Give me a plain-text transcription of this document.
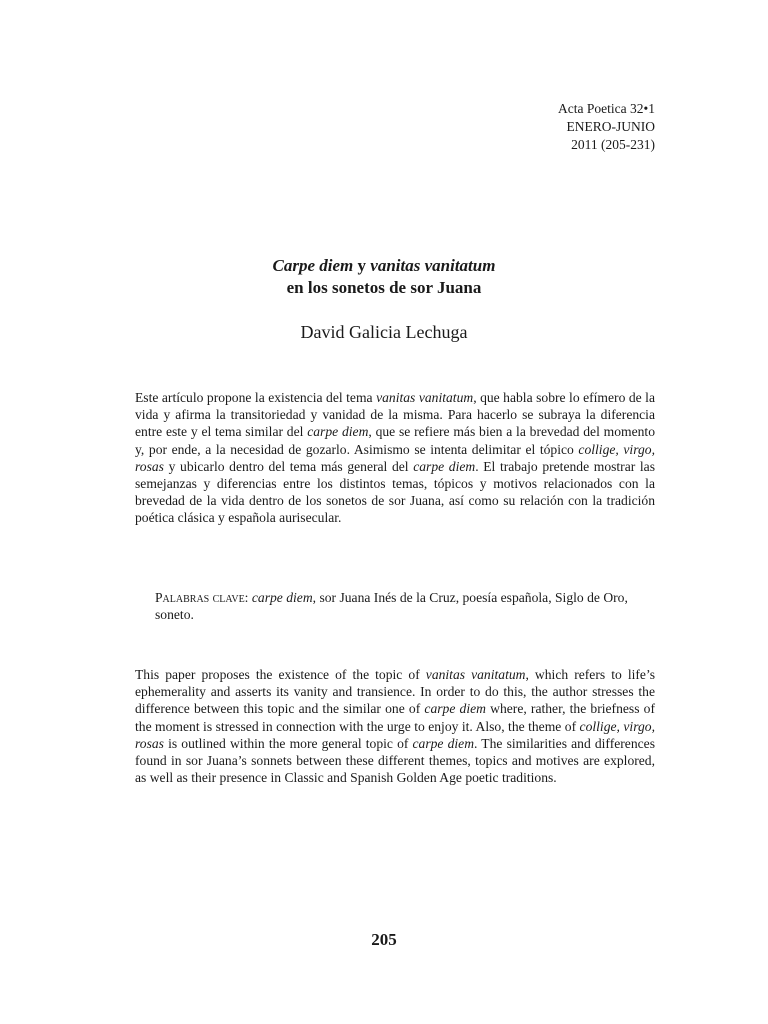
Acta Poetica 32•1
ENERO-JUNIO
2011 (205-231)
Carpe diem y vanitas vanitatum
en los sonetos de sor Juana
David Galicia Lechuga

Este artículo propone la existencia del tema vanitas vanitatum, que habla sobre lo efímero de la vida y afirma la transitoriedad y vanidad de la misma. Para hacerlo se subraya la diferencia entre este y el tema similar del carpe diem, que se refiere más bien a la brevedad del momento y, por ende, a la necesidad de gozarlo. Asimismo se intenta delimitar el tópico collige, virgo, rosas y ubicarlo dentro del tema más general del carpe diem. El trabajo pretende mostrar las semejanzas y diferencias entre los distintos temas, tópicos y motivos relacionados con la brevedad de la vida dentro de los sonetos de sor Juana, así como su relación con la tradición poética clásica y española aurisecular.

Palabras clave: carpe diem, sor Juana Inés de la Cruz, poesía española, Siglo de Oro, soneto.

This paper proposes the existence of the topic of vanitas vanitatum, which refers to life’s ephemerality and asserts its vanity and transience. In order to do this, the author stresses the difference between this topic and the similar one of carpe diem where, rather, the briefness of the moment is stressed in connection with the urge to enjoy it. Also, the theme of collige, virgo, rosas is outlined within the more general topic of carpe diem. The similarities and differences found in sor Juana’s sonnets between these different themes, topics and motives are explored, as well as their presence in Classic and Spanish Golden Age poetic traditions.

205
